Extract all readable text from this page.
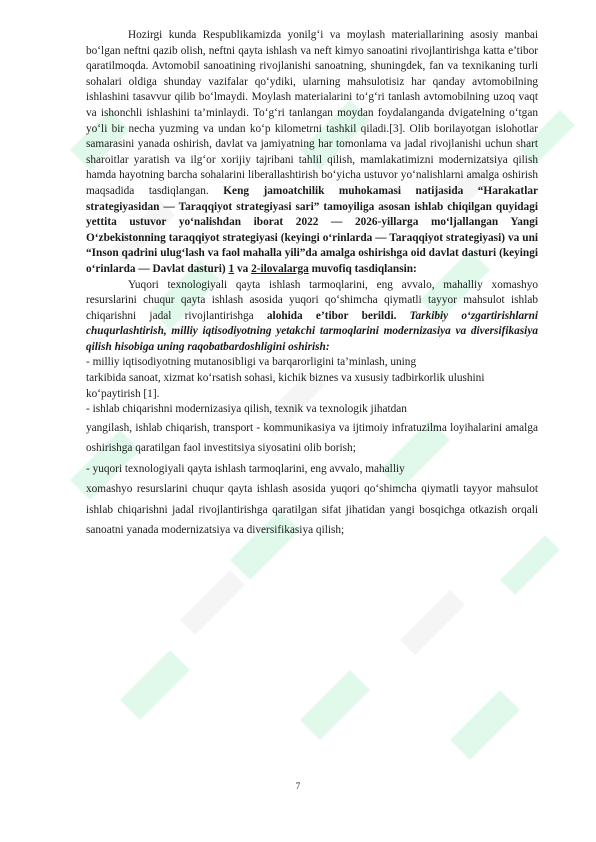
Hozirgi kunda Respublikamizda yonilg‘i va moylash materiallarining asosiy manbai bo‘lgan neftni qazib olish, neftni qayta ishlash va neft kimyo sanoatini rivojlantirishga katta e’tibor qaratilmoqda. Avtomobil sanoatining rivojlanishi sanoatning, shuningdek, fan va texnikaning turli sohalari oldiga shunday vazifalar qo‘ydiki, ularning mahsulotisiz har qanday avtomobilning ishlashini tasavvur qilib bo‘lmaydi. Moylash materialarini to‘g‘ri tanlash avtomobilning uzoq vaqt va ishonchli ishlashini ta’minlaydi. To‘g‘ri tanlangan moydan foydalanganda dvigatelning o‘tgan yo‘li bir necha yuzming va undan ko‘p kilometrni tashkil qiladi.[3]. Olib borilayotgan islohotlar samarasini yanada oshirish, davlat va jamiyatning har tomonlama va jadal rivojlanishi uchun shart sharoitlar yaratish va ilg‘or xorijiy tajribani tahlil qilish, mamlakatimizni modernizatsiya qilish hamda hayotning barcha sohalarini liberallashtirish bo‘yicha ustuvor yo‘nalishlarni amalga oshirish maqsadida tasdiqlangan. Keng jamoatchilik muhokamasi natijasida “Harakatlar strategiyasidan — Taraqqiyot strategiyasi sari” tamoyiliga asosan ishlab chiqilgan quyidagi yettita ustuvor yo‘nalishdan iborat 2022 — 2026-yillarga mo‘ljallangan Yangi O‘zbekistonning taraqqiyot strategiyasi (keyingi o‘rinlarda — Taraqqiyot strategiyasi) va uni “Inson qadrini ulug‘lash va faol mahalla yili”da amalga oshirishga oid davlat dasturi (keyingi o‘rinlarda — Davlat dasturi) 1 va 2-ilovalarga muvofiq tasdiqlansin:

Yuqori texnologiyali qayta ishlash tarmoqlarini, eng avvalo, mahalliy xomashyo resurslarini chuqur qayta ishlash asosida yuqori qo‘shimcha qiymatli tayyor mahsulot ishlab chiqarishni jadal rivojlantirishga alohida e’tibor berildi. Tarkibiy o‘zgartirishlarni chuqurlashtirish, milliy iqtisodiyotning yetakchi tarmoqlarini modernizasiya va diversifikasiya qilish hisobiga uning raqobatbardoshligini oshirish:

- milliy iqtisodiyotning mutanosibligi va barqarorligini ta’minlash, uning

tarkibida sanoat, xizmat ko‘rsatish sohasi, kichik biznes va xususiy tadbirkorlik ulushini ko‘paytirish [1].

- ishlab chiqarishni modernizasiya qilish, texnik va texnologik jihatdan

yangilash, ishlab chiqarish, transport - kommunikasiya va ijtimoiy infratuzilma loyihalarini amalga oshirishga qaratilgan faol investitsiya siyosatini olib borish;

- yuqori texnologiyali qayta ishlash tarmoqlarini, eng avvalo, mahalliy

xomashyo resurslarini chuqur qayta ishlash asosida yuqori qo‘shimcha qiymatli tayyor mahsulot ishlab chiqarishni jadal rivojlantirishga qaratilgan sifat jihatidan yangi bosqichga otkazish orqali sanoatni yanada modernizatsiya va diversifikasiya qilish;

7
